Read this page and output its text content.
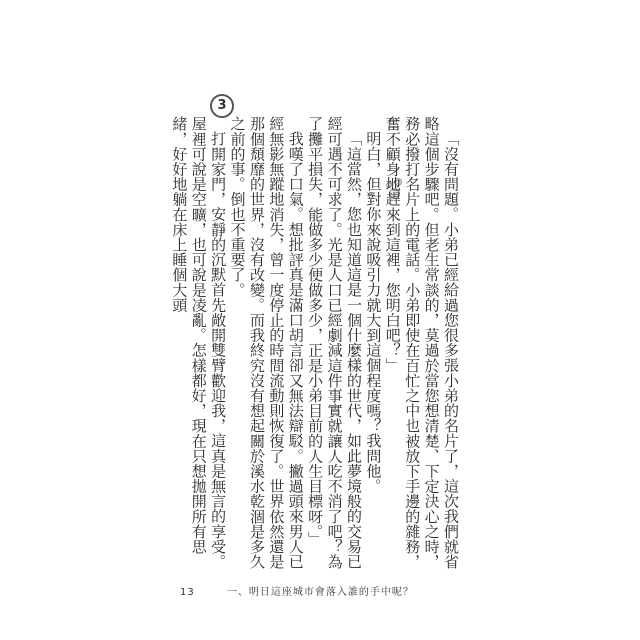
3

「沒有問題。小弟已經給過您很多張小弟的名片了，這次我們就省略這個步驟吧。但老生常談的，莫過於當您想清楚、下定決心之時，務必撥打名片上的電話。小弟即使在百忙之中也被放下手邊的雜務，奮不顧身地趕來到這裡，您明白吧？」

明白，但對你來說吸引力就大到這個程度嗎？我問他。

「這當然，您也知道這是一個什麼樣的世代，如此夢境般的交易已經可遇不可求了。光是人口已經劇減這件事實就讓人吃不消了吧？為了攤平損失，能做多少便做多少，正是小弟目前的人生目標呀。」

我嘆了口氣。想批評真是滿口胡言卻又無法辯駁。撇過頭來男人已經無影無蹤地消失，曾一度停止的時間流動則恢復了。世界依然還是那個頹靡的世界，沒有改變。而我終究沒有想起關於溪水乾涸是多久之前的事。倒也不重要了。

打開家門，安靜的沉默首先敞開雙臂歡迎我，這真是無言的享受。屋裡可說是空曠，也可說是凌亂。怎樣都好，現在只想拋開所有思緒，好好地躺在床上睡個大頭

13	一、明日這座城市會落入誰的手中呢？
